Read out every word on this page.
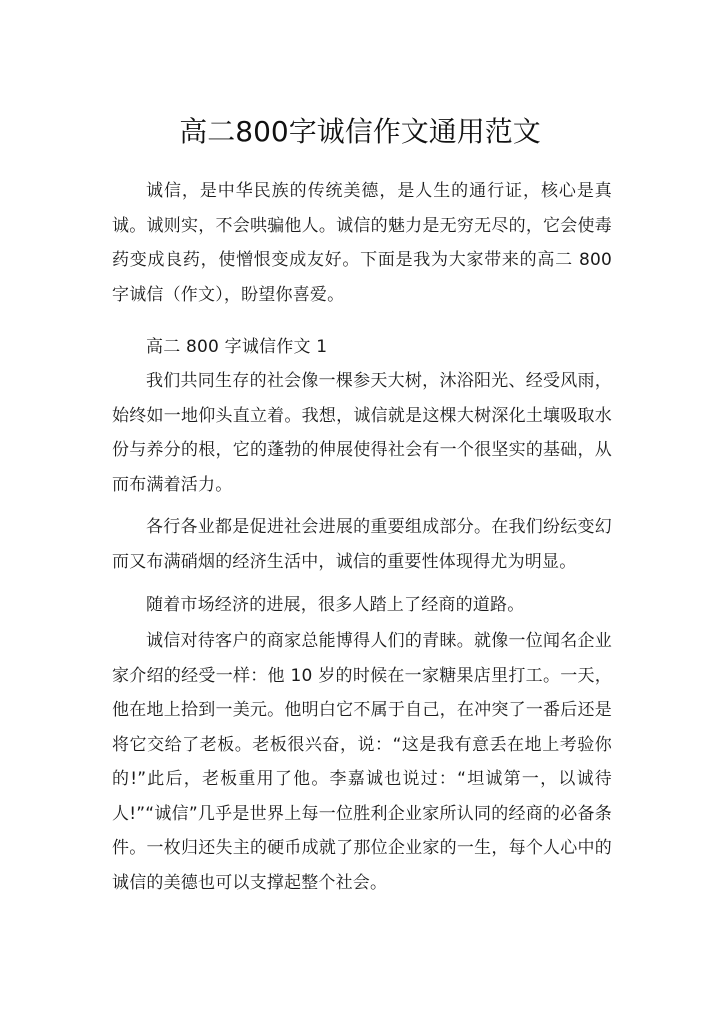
高二800字诚信作文通用范文

诚信，是中华民族的传统美德，是人生的通行证，核心是真诚。诚则实，不会哄骗他人。诚信的魅力是无穷无尽的，它会使毒药变成良药，使憎恨变成友好。下面是我为大家带来的高二 800 字诚信（作文），盼望你喜爱。

高二 800 字诚信作文 1

我们共同生存的社会像一棵参天大树，沐浴阳光、经受风雨，始终如一地仰头直立着。我想，诚信就是这棵大树深化土壤吸取水份与养分的根，它的蓬勃的伸展使得社会有一个很坚实的基础，从而布满着活力。

各行各业都是促进社会进展的重要组成部分。在我们纷纭变幻而又布满硝烟的经济生活中，诚信的重要性体现得尤为明显。

随着市场经济的进展，很多人踏上了经商的道路。

诚信对待客户的商家总能博得人们的青睐。就像一位闻名企业家介绍的经受一样：他 10 岁的时候在一家糖果店里打工。一天，他在地上拾到一美元。他明白它不属于自己，在冲突了一番后还是将它交给了老板。老板很兴奋，说：“这是我有意丢在地上考验你的!”此后，老板重用了他。李嘉诚也说过：“坦诚第一，以诚待人!”“诚信”几乎是世界上每一位胜利企业家所认同的经商的必备条件。一枚归还失主的硬币成就了那位企业家的一生，每个人心中的诚信的美德也可以支撑起整个社会。
